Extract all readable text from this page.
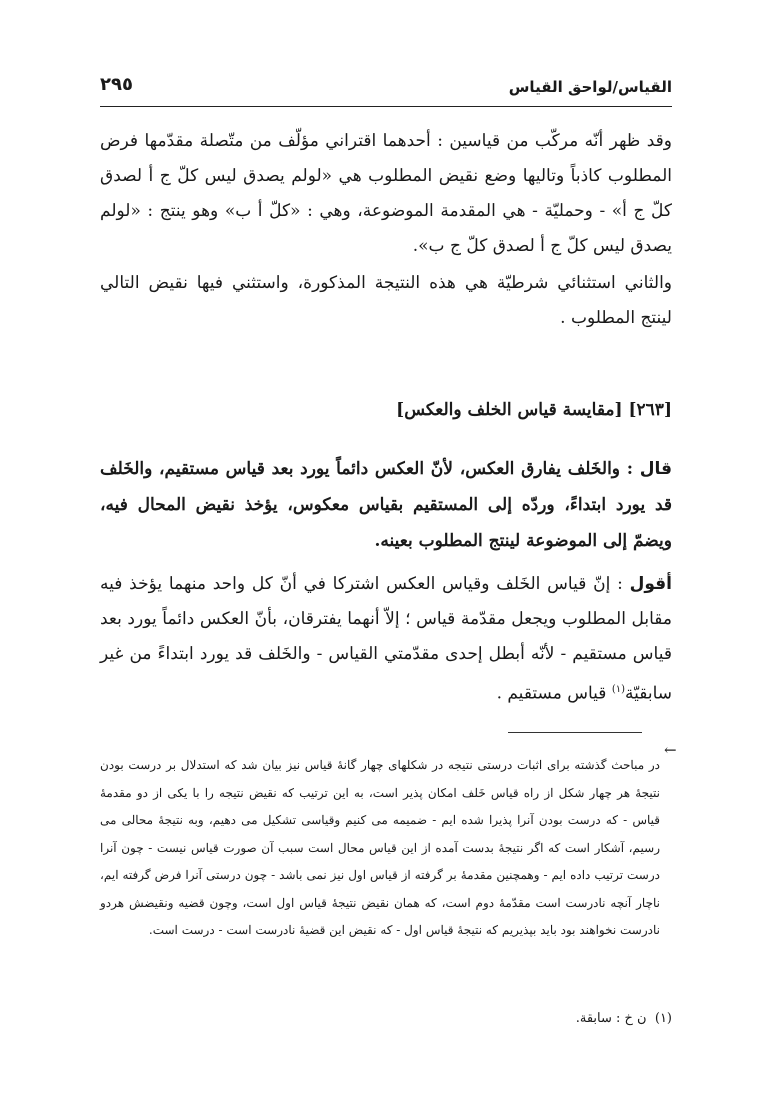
القياس/لواحق القياس
٢٩٥

وقد ظهر أنّه مركّب من قياسين : أحدهما اقتراني مؤلّف من متّصلة مقدّمها فرض المطلوب كاذباً وتاليها وضع نقيض المطلوب هي «لولم يصدق ليس كلّ ج أ لصدق كلّ ج أ» - وحمليّة - هي المقدمة الموضوعة، وهي : «كلّ أ ب» وهو ينتج : «لولم يصدق ليس كلّ ج أ لصدق كلّ ج ب».

والثاني استثنائي شرطيّة هي هذه النتيجة المذكورة، واستثني فيها نقيض التالي لينتج المطلوب .

[٢٦٣] [مقايسة قياس الخلف والعكس]

قال : والخَلف يفارق العكس، لأنّ العكس دائماً يورد بعد قياس مستقيم، والخَلف قد يورد ابتداءً، وردّه إلى المستقيم بقياس معكوس، يؤخذ نقيض المحال فيه، ويضمّ إلى الموضوعة لينتج المطلوب بعينه.

أقول : إنّ قياس الخَلف وقياس العكس اشتركا في أنّ كل واحد منهما يؤخذ فيه مقابل المطلوب ويجعل مقدّمة قياس ؛ إلاّ أنهما يفترقان، بأنّ العكس دائماً يورد بعد قياس مستقيم - لأنّه أبطل إحدى مقدّمتي القياس - والخَلف قد يورد ابتداءً من غير سابقيّة$^{(١)}$ قياس مستقيم .

←

در مباحث گذشته برای اثبات درستی نتیجه در شکلهای چهار گانهٔ قیاس نیز بیان شد که استدلال بر درست بودن نتیجهٔ هر چهار شکل از راه قیاس خَلف امکان پذیر است، به این ترتیب که نقیض نتیجه را با یکی از دو مقدمهٔ قیاس - که درست بودن آنرا پذیرا شده ایم - ضمیمه می کنیم وقیاسی تشکیل می دهیم، وبه نتیجهٔ محالی می رسیم، آشکار است که اگر نتیجهٔ بدست آمده از این قیاس محال است سبب آن صورت قیاس نیست - چون آنرا درست ترتیب داده ایم - وهمچنین مقدمهٔ بر گرفته از قیاس اول نیز نمی باشد - چون درستی آنرا فرض گرفته ایم، ناچار آنچه نادرست است مقدّمهٔ دوم است، که همان نقیض نتیجهٔ قیاس اول است، وچون قضیه ونقیضش هردو نادرست نخواهند بود باید بپذیریم که نتیجهٔ قیاس اول - که نقیض این قضیهٔ نادرست است - درست است.

(١)  ن خ : سابقة.
